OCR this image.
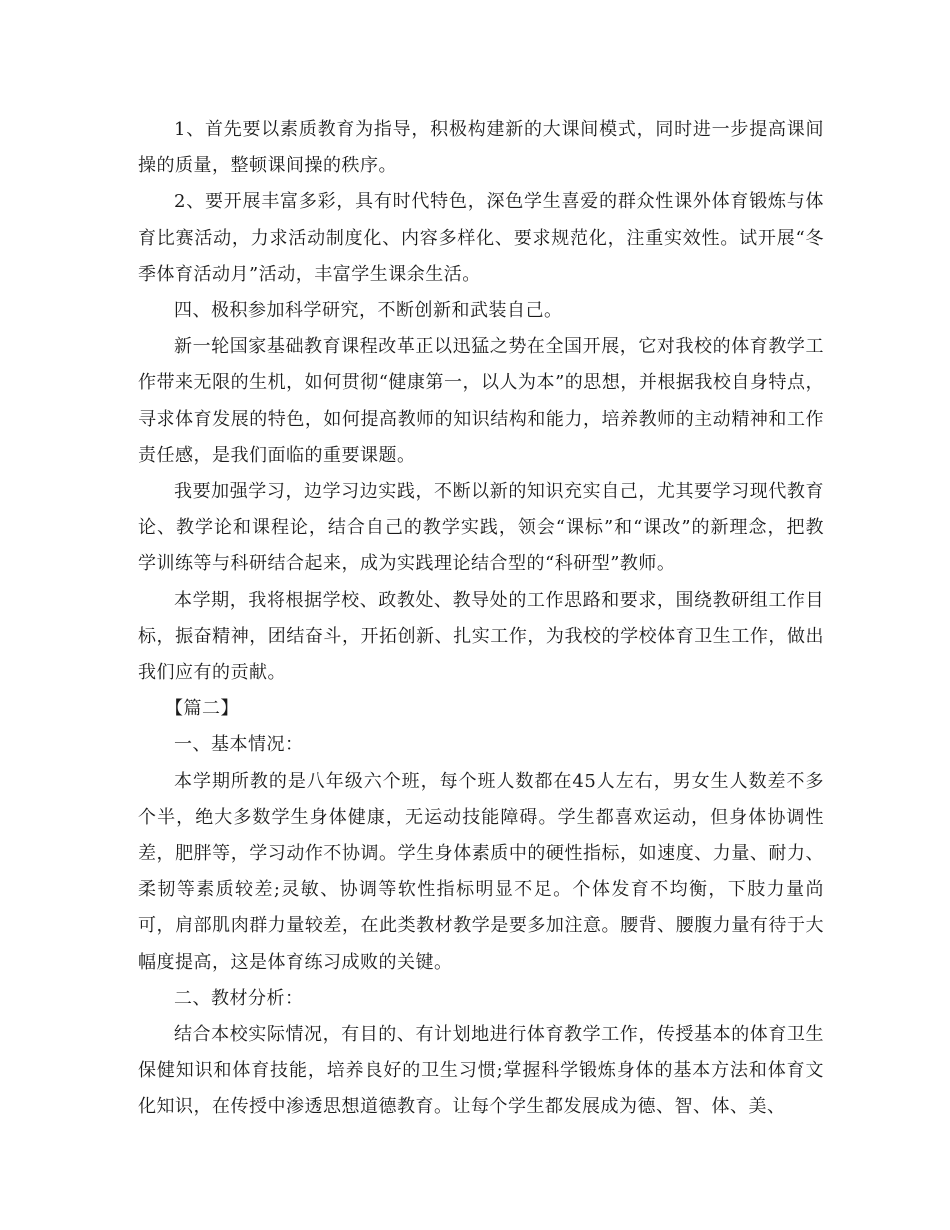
1、首先要以素质教育为指导，积极构建新的大课间模式，同时进一步提高课间操的质量，整顿课间操的秩序。

2、要开展丰富多彩，具有时代特色，深色学生喜爱的群众性课外体育锻炼与体育比赛活动，力求活动制度化、内容多样化、要求规范化，注重实效性。试开展“冬季体育活动月”活动，丰富学生课余生活。

四、极积参加科学研究，不断创新和武装自己。

新一轮国家基础教育课程改革正以迅猛之势在全国开展，它对我校的体育教学工作带来无限的生机，如何贯彻“健康第一，以人为本”的思想，并根据我校自身特点，寻求体育发展的特色，如何提高教师的知识结构和能力，培养教师的主动精神和工作责任感，是我们面临的重要课题。

我要加强学习，边学习边实践，不断以新的知识充实自己，尤其要学习现代教育论、教学论和课程论，结合自己的教学实践，领会“课标”和“课改”的新理念，把教学训练等与科研结合起来，成为实践理论结合型的“科研型”教师。

本学期，我将根据学校、政教处、教导处的工作思路和要求，围绕教研组工作目标，振奋精神，团结奋斗，开拓创新、扎实工作，为我校的学校体育卫生工作，做出我们应有的贡献。

【篇二】

一、基本情况：

本学期所教的是八年级六个班，每个班人数都在45人左右，男女生人数差不多个半，绝大多数学生身体健康，无运动技能障碍。学生都喜欢运动，但身体协调性差，肥胖等，学习动作不协调。学生身体素质中的硬性指标，如速度、力量、耐力、柔韧等素质较差;灵敏、协调等软性指标明显不足。个体发育不均衡，下肢力量尚可，肩部肌肉群力量较差，在此类教材教学是要多加注意。腰背、腰腹力量有待于大幅度提高，这是体育练习成败的关键。

二、教材分析：

结合本校实际情况，有目的、有计划地进行体育教学工作，传授基本的体育卫生保健知识和体育技能，培养良好的卫生习惯;掌握科学锻炼身体的基本方法和体育文化知识，在传授中渗透思想道德教育。让每个学生都发展成为德、智、体、美、
